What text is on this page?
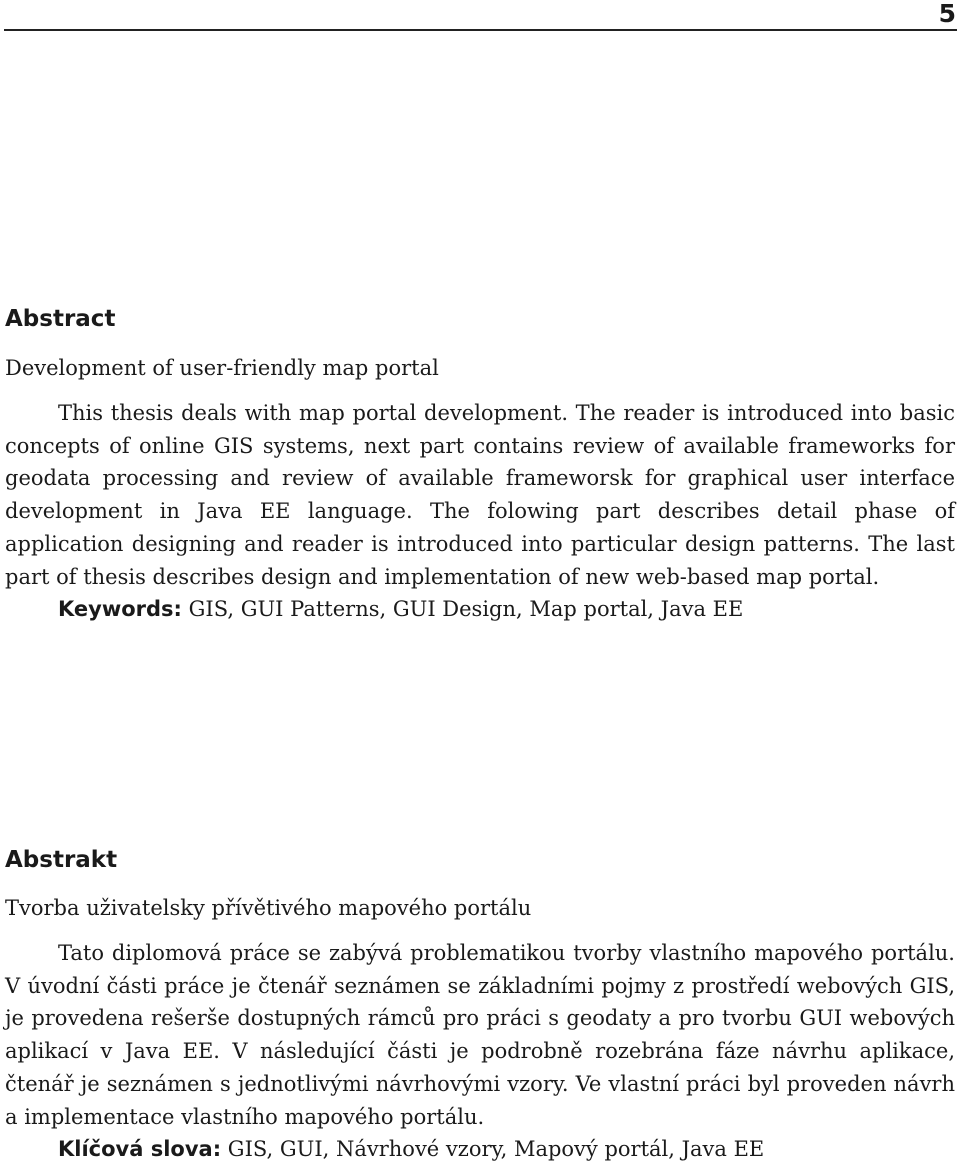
5
Abstract

Development of user-friendly map portal

This thesis deals with map portal development. The reader is introduced into basic concepts of online GIS systems, next part contains review of available frameworks for geodata processing and review of available frameworsk for graphical user interface development in Java EE language. The folowing part describes detail phase of application designing and reader is introduced into particular design patterns. The last part of thesis describes design and implementation of new web-based map portal.

Keywords: GIS, GUI Patterns, GUI Design, Map portal, Java EE

Abstrakt

Tvorba uživatelsky přívětivého mapového portálu

Tato diplomová práce se zabývá problematikou tvorby vlastního mapového portálu. V úvodní části práce je čtenář seznámen se základními pojmy z prostředí webových GIS, je provedena rešerše dostupných rámců pro práci s geodaty a pro tvorbu GUI webových aplikací v Java EE. V následující části je podrobně rozebrána fáze návrhu aplikace, čtenář je seznámen s jednotlivými návrhovými vzory. Ve vlastní práci byl proveden návrh a implementace vlastního mapového portálu.

Klíčová slova: GIS, GUI, Návrhové vzory, Mapový portál, Java EE
